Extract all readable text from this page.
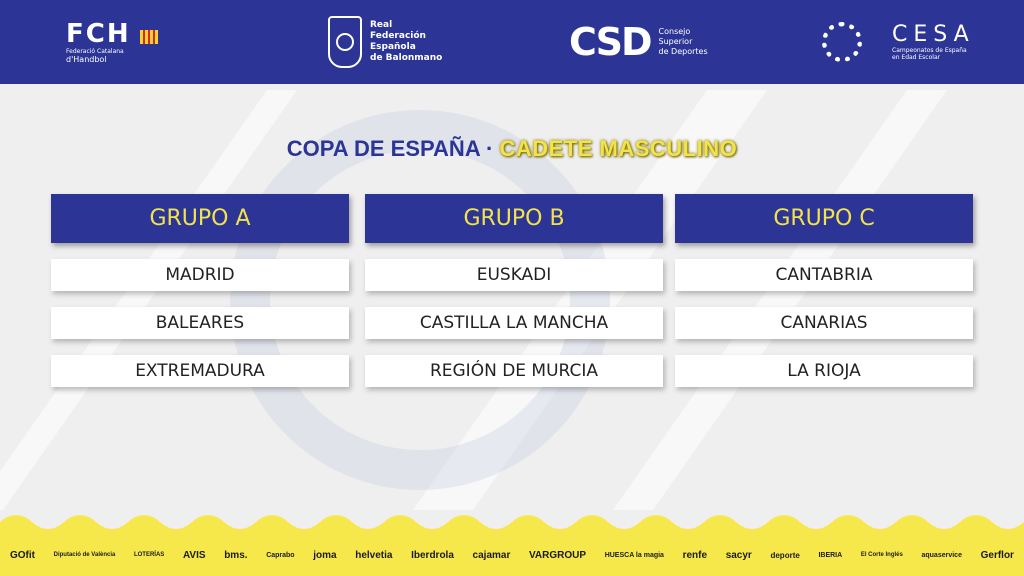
FCH
Federació Catalana
d'Handbol
Real
Federación
Española
de Balonmano	CSD Consejo
Superior
de Deportes
CESA
Campeonatos de España
en Edad Escolar
COPA DE ESPAÑA · CADETE MASCULINO
GRUPO A
MADRID
BALEARES
EXTREMADURA
GRUPO B
EUSKADI
CASTILLA LA MANCHA
REGIÓN DE MURCIA
GRUPO C
CANTABRIA
CANARIAS
LA RIOJA
GOfit	Diputació de València	LOTERÍAS AVIS bms.	Caprabo joma helvetia Iberdrola cajamar VARGROUP	HUESCA la magia renfe sacyr deporte	IBERIA	El Corte Inglés	aquaservice Gerflor
